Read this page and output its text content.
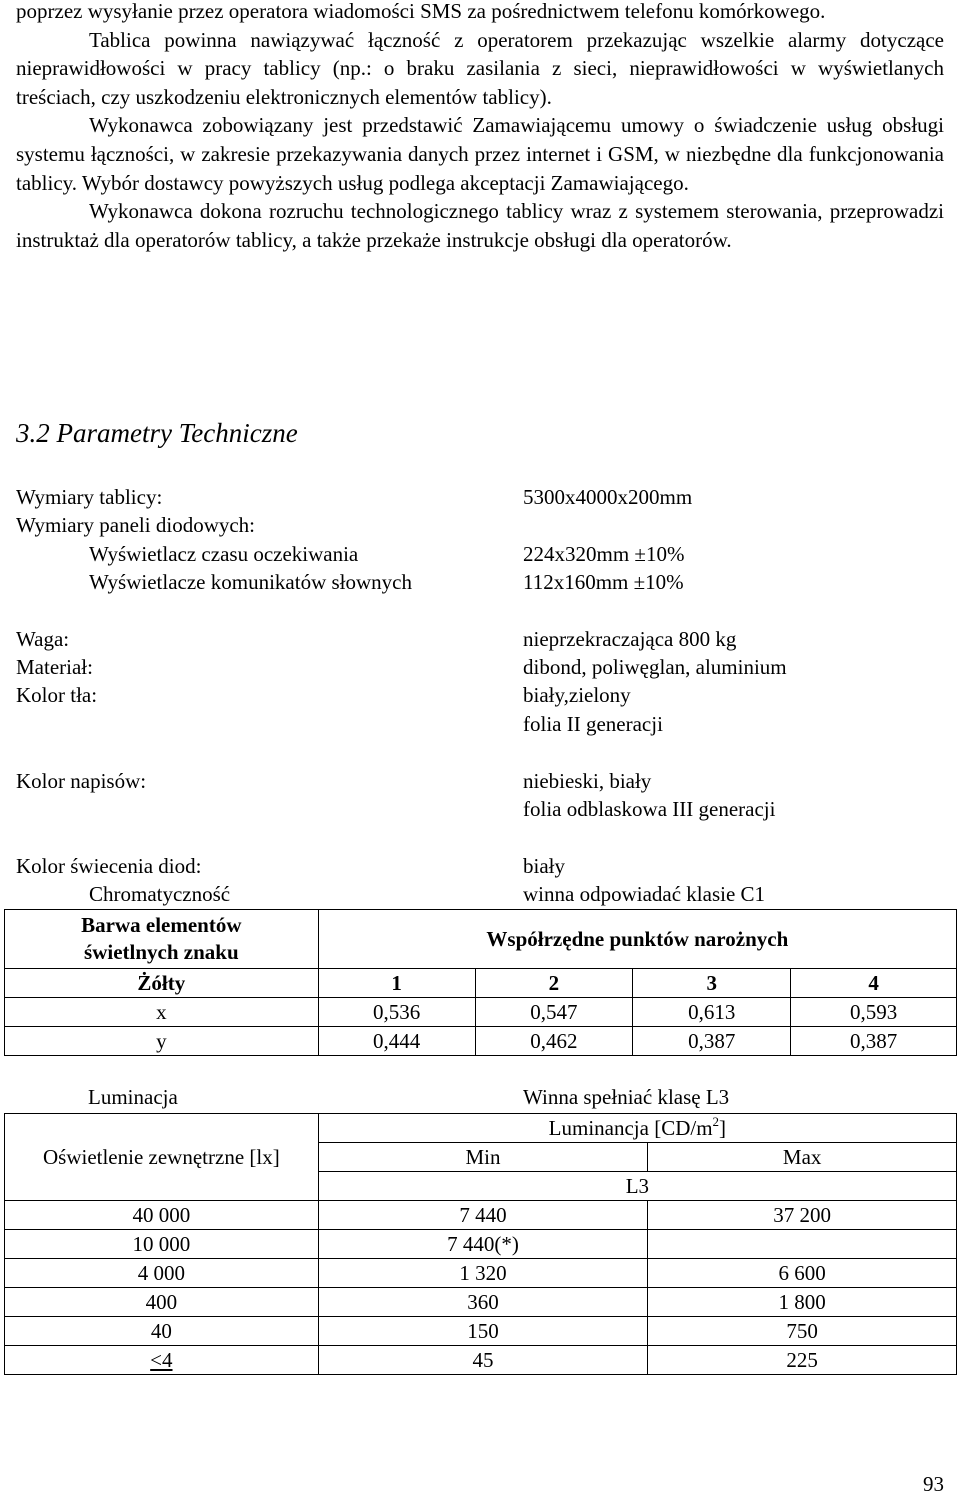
poprzez wysyłanie przez operatora wiadomości SMS za pośrednictwem telefonu komórkowego.

Tablica powinna nawiązywać łączność z operatorem przekazując wszelkie alarmy dotyczące nieprawidłowości w pracy tablicy (np.: o braku zasilania z sieci, nieprawidłowości w wyświetlanych treściach, czy uszkodzeniu elektronicznych elementów tablicy).

Wykonawca zobowiązany jest przedstawić Zamawiającemu umowy o świadczenie usług obsługi systemu łączności, w zakresie przekazywania danych przez internet i GSM, w niezbędne dla funkcjonowania tablicy. Wybór dostawcy powyższych usług podlega akceptacji Zamawiającego.

Wykonawca dokona rozruchu technologicznego tablicy wraz z systemem sterowania, przeprowadzi instruktaż dla operatorów tablicy, a także przekaże instrukcje obsługi dla operatorów.

3.2 Parametry Techniczne
Wymiary tablicy:	5300x4000x200mm
Wymiary paneli diodowych:
Wyświetlacz czasu oczekiwania	224x320mm ±10%
Wyświetlacze komunikatów słownych	112x160mm ±10%
Waga:	nieprzekraczająca 800 kg
Materiał:	dibond, poliwęglan, aluminium
Kolor tła:	biały,zielony
folia II generacji
Kolor napisów:	niebieski, biały
folia odblaskowa III generacji
Kolor świecenia diod:	biały
Chromatyczność	winna odpowiadać klasie C1
Barwa elementów
świetlnych znaku	Współrzędne punktów narożnych			
Żółty	1	2	3	4
x	0,536	0,547	0,613	0,593
y	0,444	0,462	0,387	0,387
Luminacja	Winna spełniać klasę L3
	Luminancja $[CD/m^2]$	
Oświetlenie zewnętrzne [lx]	Min	Max
	L3	
40 000	7 440	37 200
10 000	7 440(*)	
4 000	1 320	6 600
400	360	1 800
40	150	750
<4	45	225
93
